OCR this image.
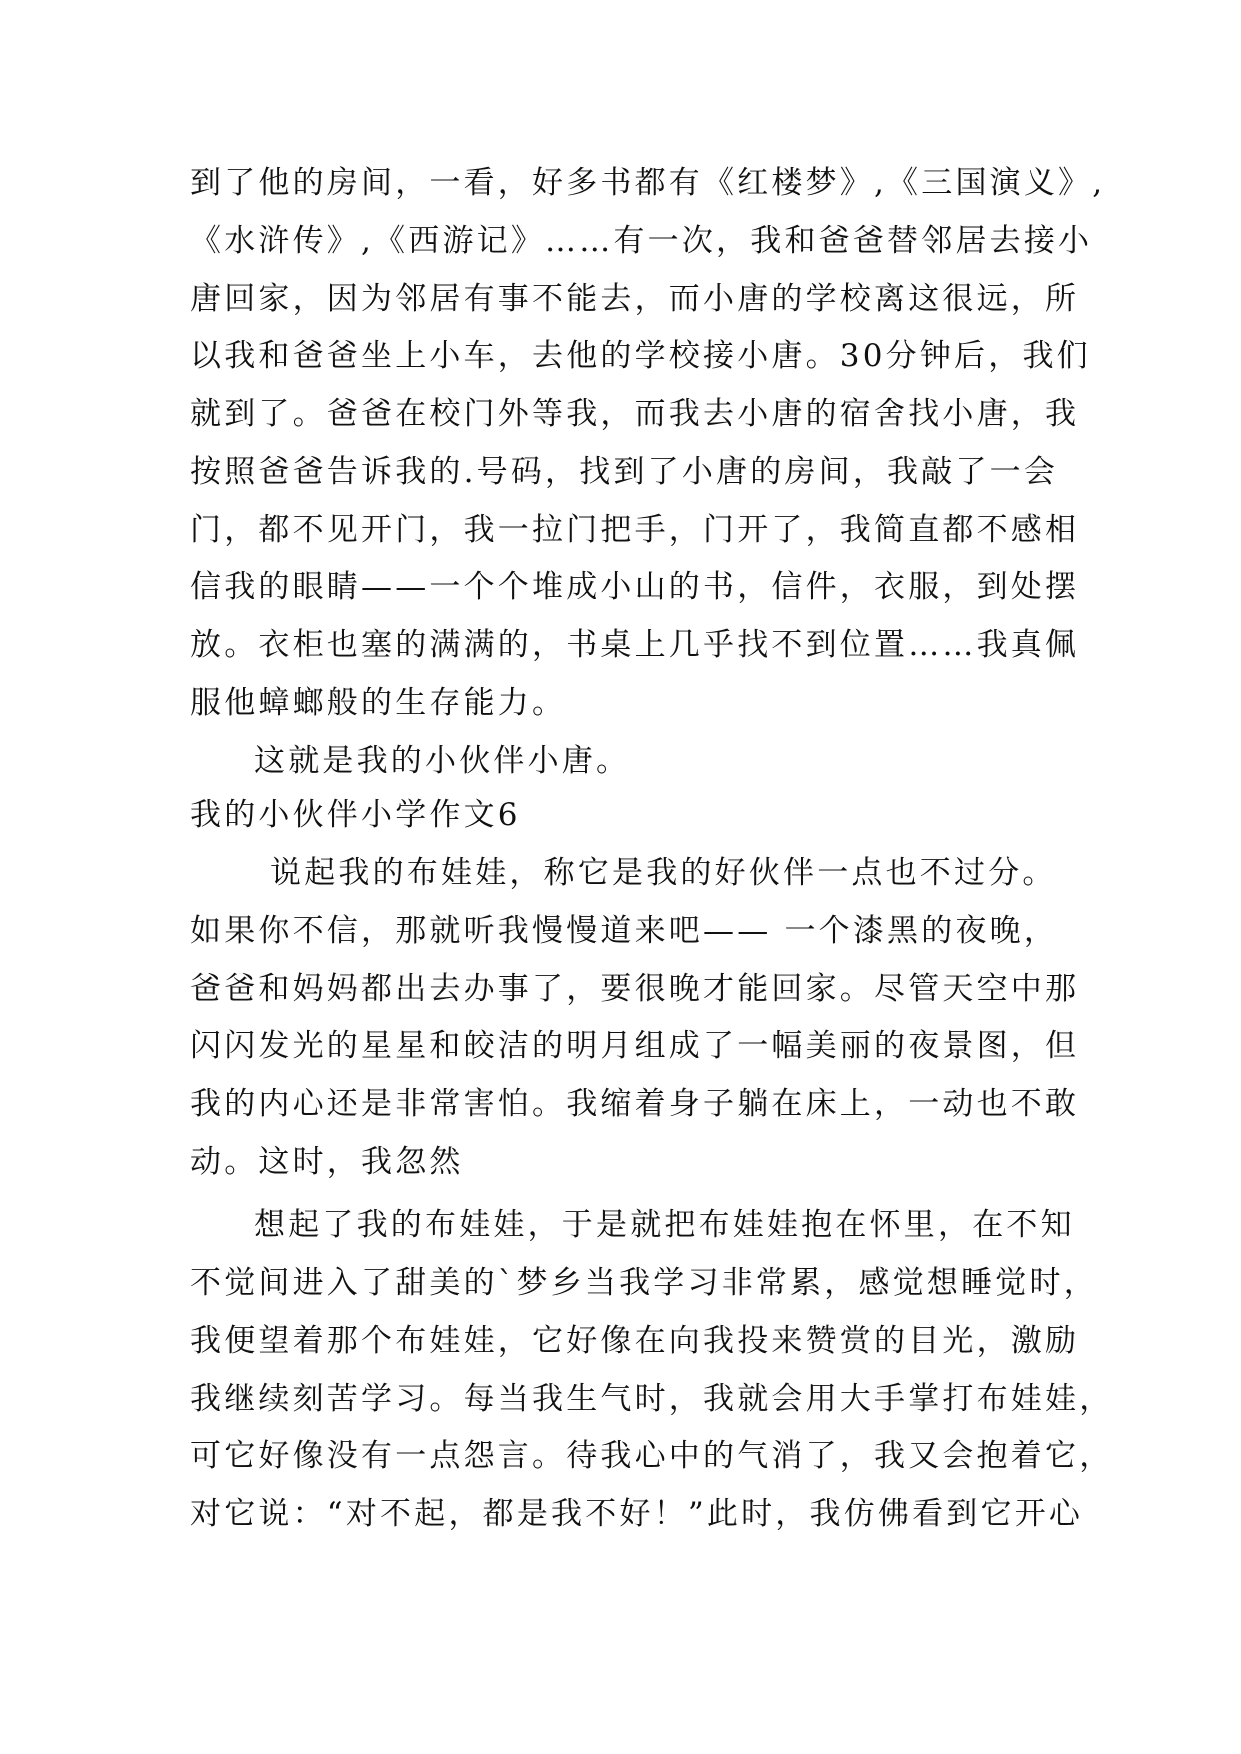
到了他的房间，一看，好多书都有《红楼梦》,《三国演义》,

《水浒传》,《西游记》……有一次，我和爸爸替邻居去接小

唐回家，因为邻居有事不能去，而小唐的学校离这很远，所

以我和爸爸坐上小车，去他的学校接小唐。30分钟后，我们

就到了。爸爸在校门外等我，而我去小唐的宿舍找小唐，我

按照爸爸告诉我的.号码，找到了小唐的房间，我敲了一会

门，都不见开门，我一拉门把手，门开了，我简直都不感相

信我的眼睛——一个个堆成小山的书，信件，衣服，到处摆

放。衣柜也塞的满满的，书桌上几乎找不到位置……我真佩

服他蟑螂般的生存能力。

这就是我的小伙伴小唐。

我的小伙伴小学作文6

说起我的布娃娃，称它是我的好伙伴一点也不过分。

如果你不信，那就听我慢慢道来吧—— 一个漆黑的夜晚，

爸爸和妈妈都出去办事了，要很晚才能回家。尽管天空中那

闪闪发光的星星和皎洁的明月组成了一幅美丽的夜景图，但

我的内心还是非常害怕。我缩着身子躺在床上，一动也不敢

动。这时，我忽然

想起了我的布娃娃，于是就把布娃娃抱在怀里，在不知

不觉间进入了甜美的`梦乡当我学习非常累，感觉想睡觉时，

我便望着那个布娃娃，它好像在向我投来赞赏的目光，激励

我继续刻苦学习。每当我生气时，我就会用大手掌打布娃娃，

可它好像没有一点怨言。待我心中的气消了，我又会抱着它，

对它说：“对不起，都是我不好！”此时，我仿佛看到它开心
